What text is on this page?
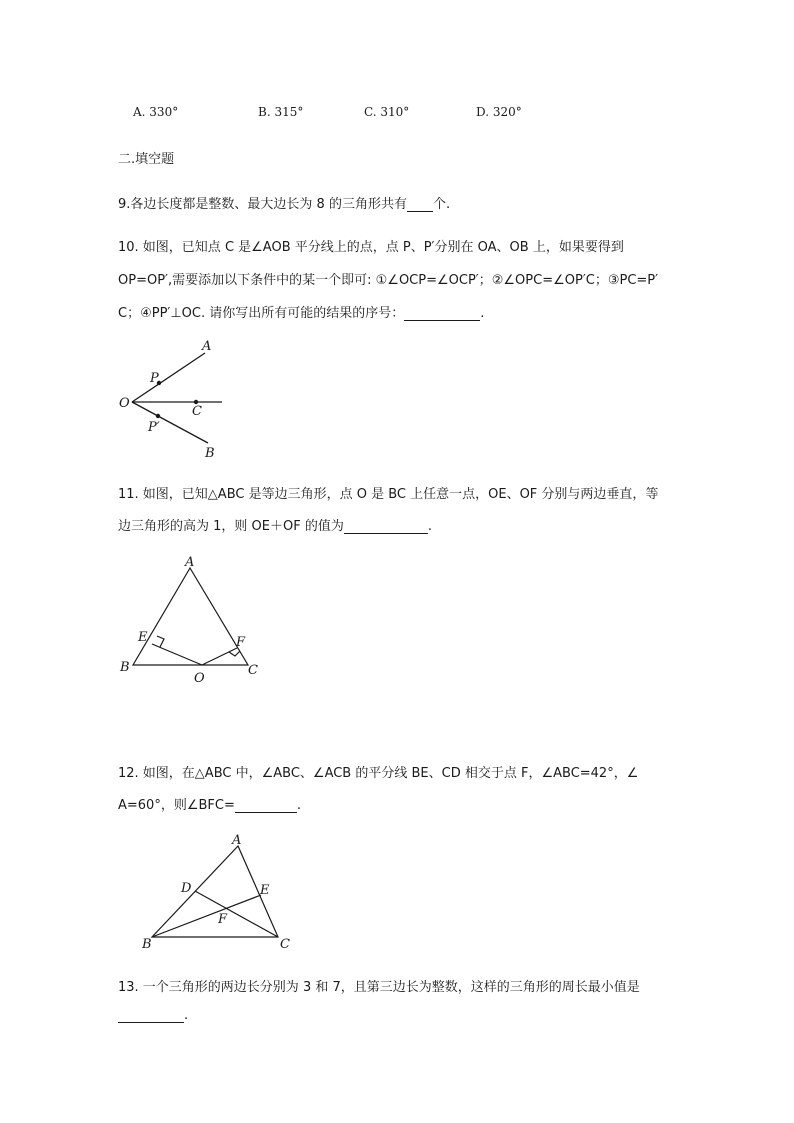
A. 330°	B. 315°	C. 310°	D. 320°
二.填空题
9.各边长度都是整数、最大边长为 8 的三角形共有 个.
10. 如图，已知点 C 是∠AOB 平分线上的点，点 P、P′分别在 OA、OB 上，如果要得到
OP=OP′,需要添加以下条件中的某一个即可: ①∠OCP=∠OCP′；②∠OPC=∠OP′C；③PC=P′
C；④PP′⊥OC. 请你写出所有可能的结果的序号：	.
A
P
O
C
P′
B
11. 如图，已知△ABC 是等边三角形，点 O 是 BC 上任意一点，OE、OF 分别与两边垂直，等
边三角形的高为 1，则 OE＋OF 的值为	.
A
E	F
B
O
C
12. 如图，在△ABC 中，∠ABC、∠ACB 的平分线 BE、CD 相交于点 F，∠ABC=42°，∠
A=60°，则∠BFC=	.
A
D	E
F
B	C
13. 一个三角形的两边长分别为 3 和 7，且第三边长为整数，这样的三角形的周长最小值是
.
